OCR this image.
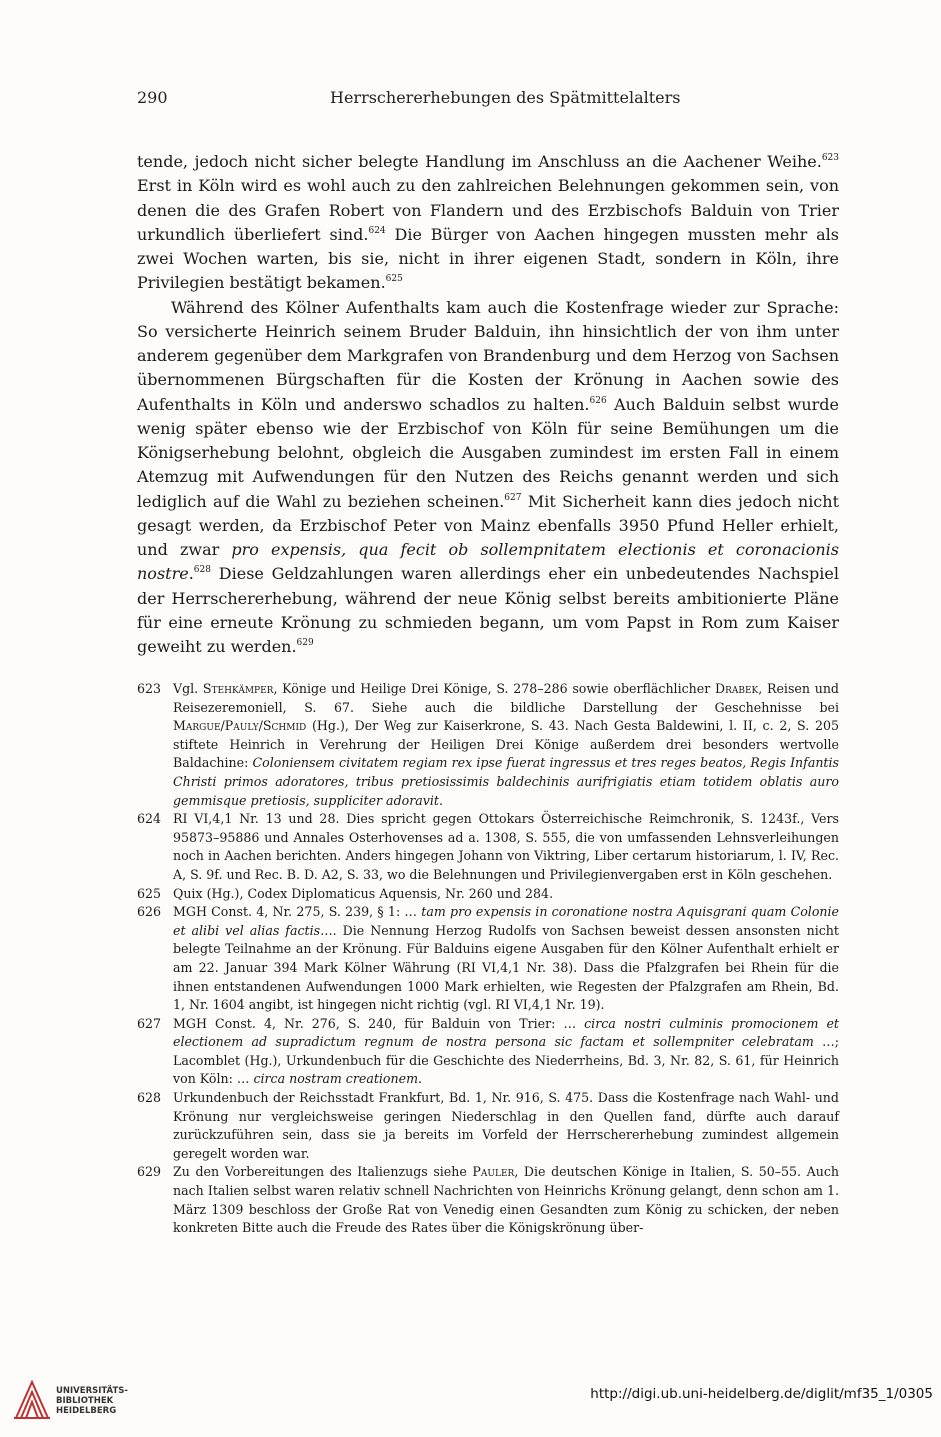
290	Herrschererhebungen des Spätmittelalters

tende, jedoch nicht sicher belegte Handlung im Anschluss an die Aachener Weihe.$^{623}$ Erst in Köln wird es wohl auch zu den zahlreichen Belehnungen gekommen sein, von denen die des Grafen Robert von Flandern und des Erzbischofs Balduin von Trier urkundlich überliefert sind.$^{624}$ Die Bürger von Aachen hingegen mussten mehr als zwei Wochen warten, bis sie, nicht in ihrer eigenen Stadt, sondern in Köln, ihre Privilegien bestätigt bekamen.$^{625}$

Während des Kölner Aufenthalts kam auch die Kostenfrage wieder zur Sprache: So versicherte Heinrich seinem Bruder Balduin, ihn hinsichtlich der von ihm unter anderem gegenüber dem Markgrafen von Brandenburg und dem Herzog von Sachsen übernommenen Bürgschaften für die Kosten der Krönung in Aachen sowie des Aufenthalts in Köln und anderswo schadlos zu halten.$^{626}$ Auch Balduin selbst wurde wenig später ebenso wie der Erzbischof von Köln für seine Bemühungen um die Königserhebung belohnt, obgleich die Ausgaben zumindest im ersten Fall in einem Atemzug mit Aufwendungen für den Nutzen des Reichs genannt werden und sich lediglich auf die Wahl zu beziehen scheinen.$^{627}$ Mit Sicherheit kann dies jedoch nicht gesagt werden, da Erzbischof Peter von Mainz ebenfalls 3950 Pfund Heller erhielt, und zwar pro expensis, qua fecit ob sollempnitatem electionis et coronacionis nostre.$^{628}$ Diese Geldzahlungen waren allerdings eher ein unbedeutendes Nachspiel der Herrschererhebung, während der neue König selbst bereits ambitionierte Pläne für eine erneute Krönung zu schmieden begann, um vom Papst in Rom zum Kaiser geweiht zu werden.$^{629}$

623 Vgl. Stehkämper, Könige und Heilige Drei Könige, S. 278–286 sowie oberflächlicher Drabek, Reisen und Reisezeremoniell, S. 67. Siehe auch die bildliche Darstellung der Geschehnisse bei Margue/Pauly/Schmid (Hg.), Der Weg zur Kaiserkrone, S. 43. Nach Gesta Baldewini, l. II, c. 2, S. 205 stiftete Heinrich in Verehrung der Heiligen Drei Könige außerdem drei besonders wertvolle Baldachine: Coloniensem civitatem regiam rex ipse fuerat ingressus et tres reges beatos, Regis Infantis Christi primos adoratores, tribus pretiosissimis baldechinis aurifrigiatis etiam totidem oblatis auro gemmisque pretiosis, suppliciter adoravit.
624 RI VI,4,1 Nr. 13 und 28. Dies spricht gegen Ottokars Österreichische Reimchronik, S. 1243f., Vers 95873–95886 und Annales Osterhovenses ad a. 1308, S. 555, die von umfassenden Lehnsverleihungen noch in Aachen berichten. Anders hingegen Johann von Viktring, Liber certarum historiarum, l. IV, Rec. A, S. 9f. und Rec. B. D. A2, S. 33, wo die Belehnungen und Privilegienvergaben erst in Köln geschehen.
625 Quix (Hg.), Codex Diplomaticus Aquensis, Nr. 260 und 284.
626 MGH Const. 4, Nr. 275, S. 239, § 1: … tam pro expensis in coronatione nostra Aquisgrani quam Colonie et alibi vel alias factis…. Die Nennung Herzog Rudolfs von Sachsen beweist dessen ansonsten nicht belegte Teilnahme an der Krönung. Für Balduins eigene Ausgaben für den Kölner Aufenthalt erhielt er am 22. Januar 394 Mark Kölner Währung (RI VI,4,1 Nr. 38). Dass die Pfalzgrafen bei Rhein für die ihnen entstandenen Aufwendungen 1000 Mark erhielten, wie Regesten der Pfalzgrafen am Rhein, Bd. 1, Nr. 1604 angibt, ist hingegen nicht richtig (vgl. RI VI,4,1 Nr. 19).
627 MGH Const. 4, Nr. 276, S. 240, für Balduin von Trier: … circa nostri culminis promocionem et electionem ad supradictum regnum de nostra persona sic factam et sollempniter celebratam …; Lacomblet (Hg.), Urkundenbuch für die Geschichte des Niederrheins, Bd. 3, Nr. 82, S. 61, für Heinrich von Köln: … circa nostram creationem.
628 Urkundenbuch der Reichsstadt Frankfurt, Bd. 1, Nr. 916, S. 475. Dass die Kostenfrage nach Wahl- und Krönung nur vergleichsweise geringen Niederschlag in den Quellen fand, dürfte auch darauf zurückzuführen sein, dass sie ja bereits im Vorfeld der Herrschererhebung zumindest allgemein geregelt worden war.
629 Zu den Vorbereitungen des Italienzugs siehe Pauler, Die deutschen Könige in Italien, S. 50–55. Auch nach Italien selbst waren relativ schnell Nachrichten von Heinrichs Krönung gelangt, denn schon am 1. März 1309 beschloss der Große Rat von Venedig einen Gesandten zum König zu schicken, der neben konkreten Bitte auch die Freude des Rates über die Königskrönung über-
UNIVERSITÄTS-
BIBLIOTHEK
HEIDELBERG
http://digi.ub.uni-heidelberg.de/diglit/mf35_1/0305
